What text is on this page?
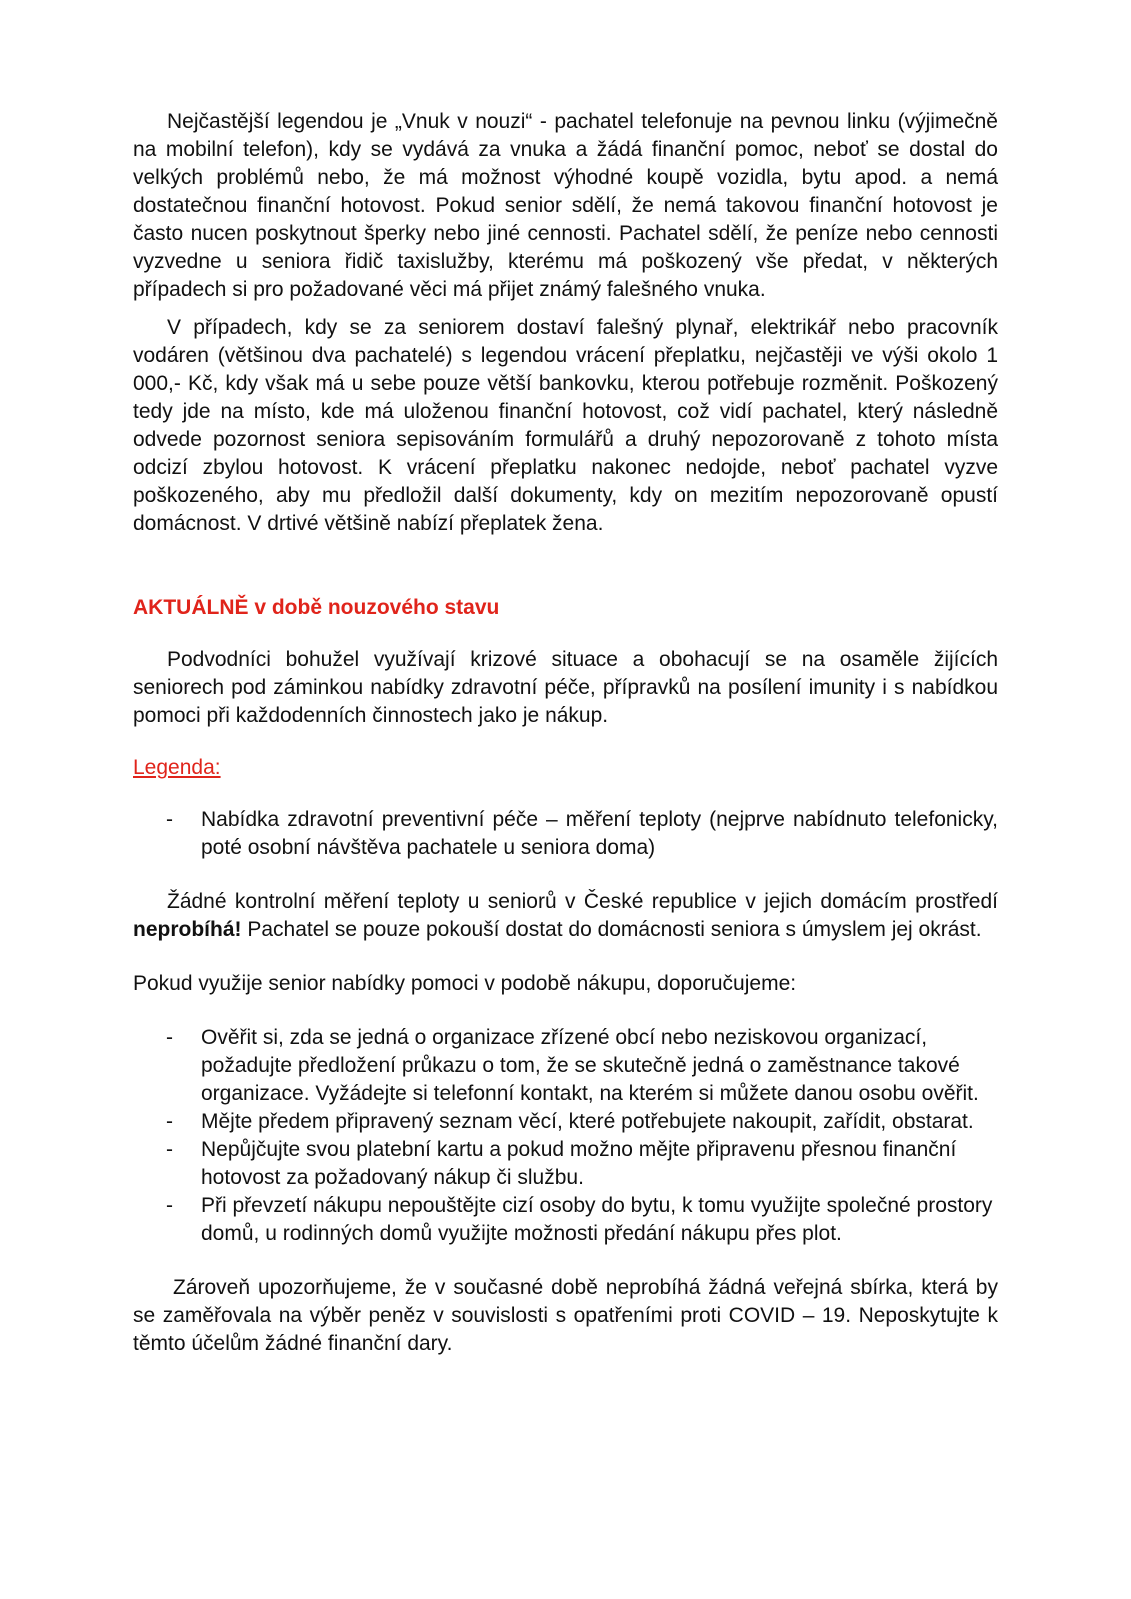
Nejčastější legendou je „Vnuk v nouzi“ - pachatel telefonuje na pevnou linku (výjimečně na mobilní telefon), kdy se vydává za vnuka a žádá finanční pomoc, neboť se dostal do velkých problémů nebo, že má možnost výhodné koupě vozidla, bytu apod. a nemá dostatečnou finanční hotovost. Pokud senior sdělí, že nemá takovou finanční hotovost je často nucen poskytnout šperky nebo jiné cennosti. Pachatel sdělí, že peníze nebo cennosti vyzvedne u seniora řidič taxislužby, kterému má poškozený vše předat, v některých případech si pro požadované věci má přijet známý falešného vnuka.

V případech, kdy se za seniorem dostaví falešný plynař, elektrikář nebo pracovník vodáren (většinou dva pachatelé) s legendou vrácení přeplatku, nejčastěji ve výši okolo 1 000,- Kč, kdy však má u sebe pouze větší bankovku, kterou potřebuje rozměnit. Poškozený tedy jde na místo, kde má uloženou finanční hotovost, což vidí pachatel, který následně odvede pozornost seniora sepisováním formulářů a druhý nepozorovaně z tohoto místa odcizí zbylou hotovost. K vrácení přeplatku nakonec nedojde, neboť pachatel vyzve poškozeného, aby mu předložil další dokumenty, kdy on mezitím nepozorovaně opustí domácnost. V drtivé většině nabízí přeplatek žena.

AKTUÁLNĚ v době nouzového stavu

Podvodníci bohužel využívají krizové situace a obohacují se na osaměle žijících seniorech pod záminkou nabídky zdravotní péče, přípravků na posílení imunity i s nabídkou pomoci při každodenních činnostech jako je nákup.

Legenda:

- Nabídka zdravotní preventivní péče – měření teploty (nejprve nabídnuto telefonicky, poté osobní návštěva pachatele u seniora doma)

Žádné kontrolní měření teploty u seniorů v České republice v jejich domácím prostředí neprobíhá! Pachatel se pouze pokouší dostat do domácnosti seniora s úmyslem jej okrást.

Pokud využije senior nabídky pomoci v podobě nákupu, doporučujeme:

- Ověřit si, zda se jedná o organizace zřízené obcí nebo neziskovou organizací, požadujte předložení průkazu o tom, že se skutečně jedná o zaměstnance takové organizace. Vyžádejte si telefonní kontakt, na kterém si můžete danou osobu ověřit.
- Mějte předem připravený seznam věcí, které potřebujete nakoupit, zařídit, obstarat.
- Nepůjčujte svou platební kartu a pokud možno mějte připravenu přesnou finanční hotovost za požadovaný nákup či službu.
- Při převzetí nákupu nepouštějte cizí osoby do bytu, k tomu využijte společné prostory domů, u rodinných domů využijte možnosti předání nákupu přes plot.

Zároveň upozorňujeme, že v současné době neprobíhá žádná veřejná sbírka, která by se zaměřovala na výběr peněz v souvislosti s opatřeními proti COVID – 19. Neposkytujte k těmto účelům žádné finanční dary.
